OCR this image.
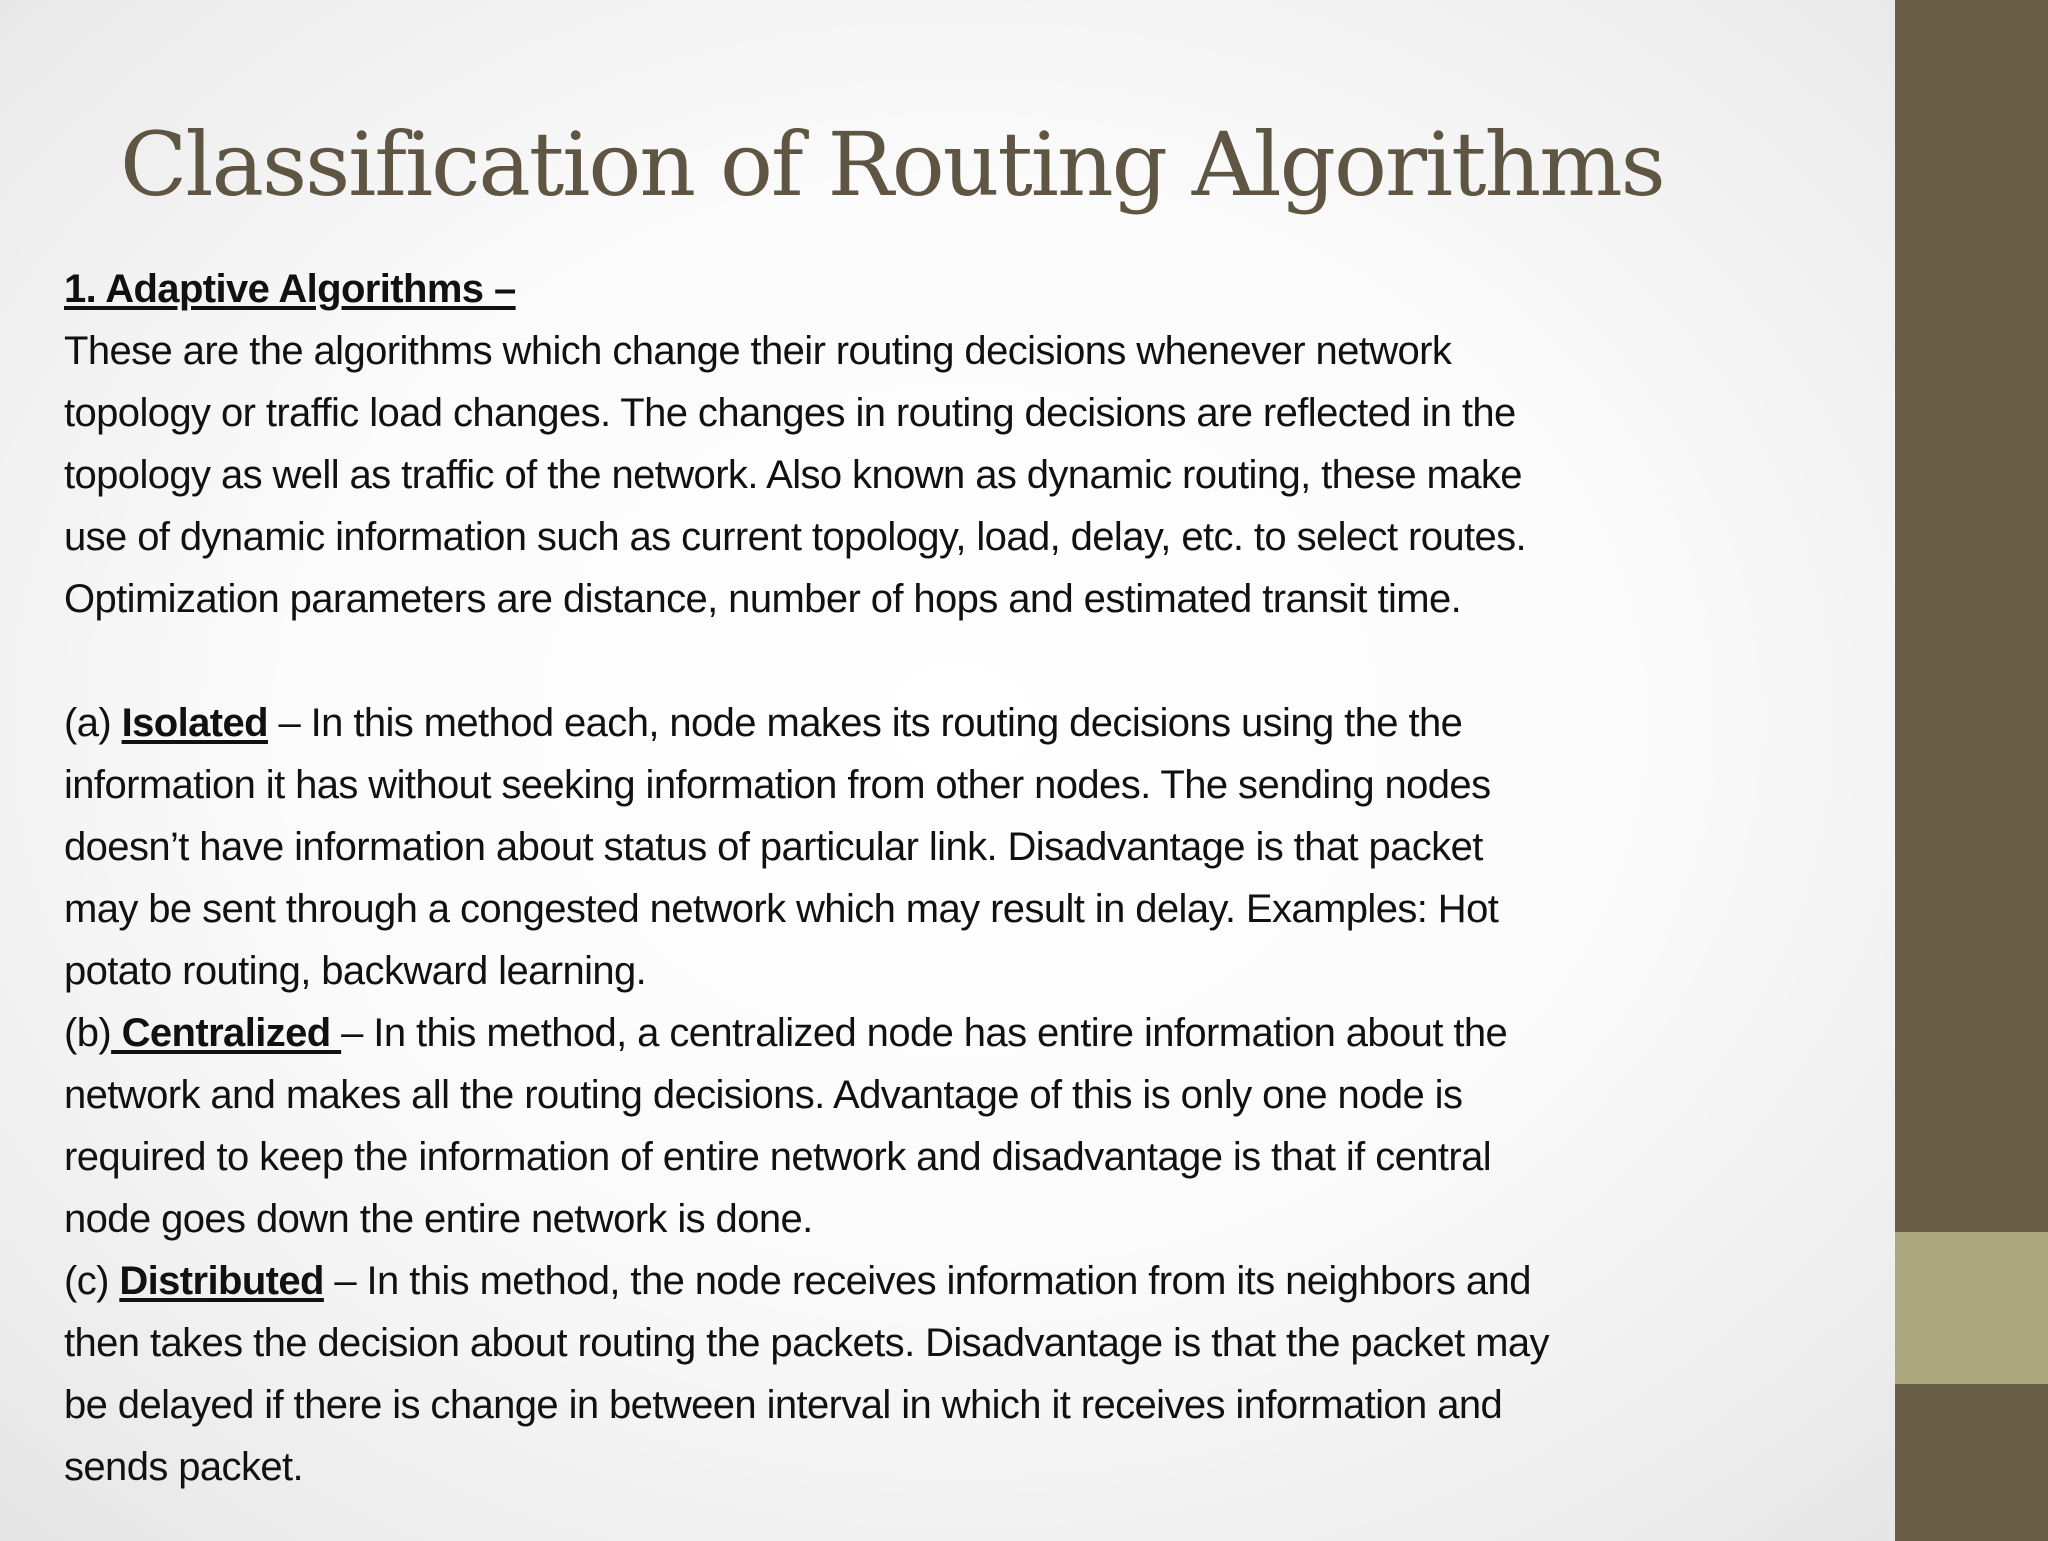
Classification of Routing Algorithms

1. Adaptive Algorithms –

These are the algorithms which change their routing decisions whenever network

topology or traffic load changes. The changes in routing decisions are reflected in the

topology as well as traffic of the network. Also known as dynamic routing, these make

use of dynamic information such as current topology, load, delay, etc. to select routes.

Optimization parameters are distance, number of hops and estimated transit time.

(a) Isolated – In this method each, node makes its routing decisions using the the

information it has without seeking information from other nodes. The sending nodes

doesn’t have information about status of particular link. Disadvantage is that packet

may be sent through a congested network which may result in delay. Examples: Hot

potato routing, backward learning.

(b) Centralized – In this method, a centralized node has entire information about the

network and makes all the routing decisions. Advantage of this is only one node is

required to keep the information of entire network and disadvantage is that if central

node goes down the entire network is done.

(c) Distributed – In this method, the node receives information from its neighbors and

then takes the decision about routing the packets. Disadvantage is that the packet may

be delayed if there is change in between interval in which it receives information and

sends packet.
